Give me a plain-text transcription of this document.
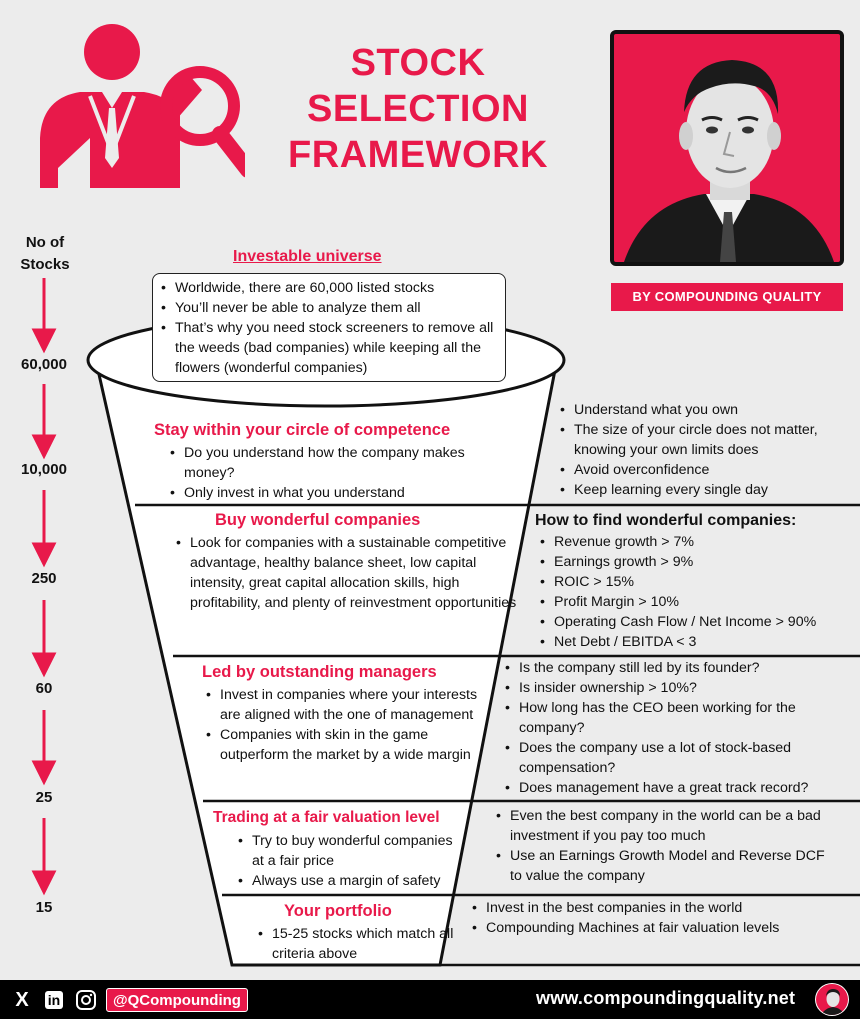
STOCK
SELECTION
FRAMEWORK
BY COMPOUNDING QUALITY
No of
Stocks
60,000
10,000
250
60
25
15
Investable universe
• Worldwide, there are 60,000 listed stocks
• You’ll never be able to analyze them all
• That’s why you need stock screeners to remove all the weeds (bad companies) while keeping all the flowers (wonderful companies)
Stay within your circle of competence
• Do you understand how the company makes money?
• Only invest in what you understand
• Understand what you own
• The size of your circle does not matter, knowing your own limits does
• Avoid overconfidence
• Keep learning every single day
Buy wonderful companies
• Look for companies with a sustainable competitive advantage, healthy balance sheet, low capital intensity, great capital allocation skills, high profitability, and plenty of reinvestment opportunities
How to find wonderful companies:
• Revenue growth > 7%
• Earnings growth > 9%
• ROIC > 15%
• Profit Margin > 10%
• Operating Cash Flow / Net Income > 90%
• Net Debt / EBITDA < 3
Led by outstanding managers
• Invest in companies where your interests are aligned with the one of management
• Companies with skin in the game outperform the market by a wide margin
• Is the company still led by its founder?
• Is insider ownership > 10%?
• How long has the CEO been working for the company?
• Does the company use a lot of stock-based compensation?
• Does management have a great track record?
Trading at a fair valuation level
• Try to buy wonderful companies at a fair price
• Always use a margin of safety
• Even the best company in the world can be a bad investment if you pay too much
• Use an Earnings Growth Model and Reverse DCF to value the company
Your portfolio
• 15-25 stocks which match all criteria above
• Invest in the best companies in the world
• Compounding Machines at fair valuation levels
X	in	@QCompounding	www.compoundingquality.net
